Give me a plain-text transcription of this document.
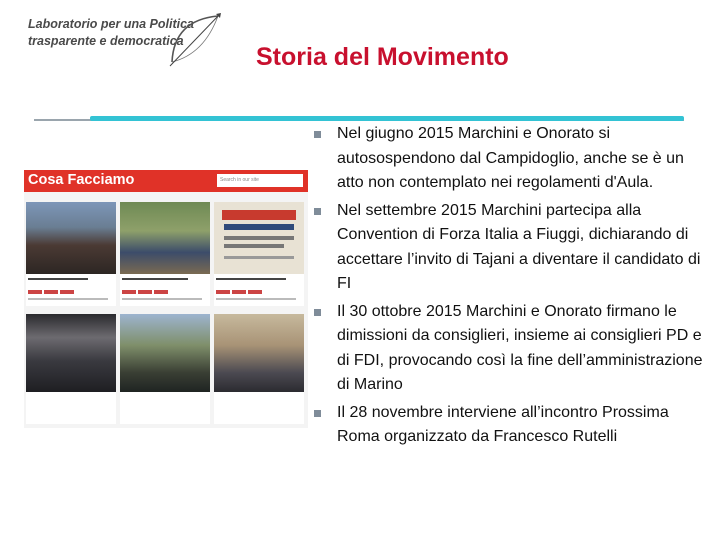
Laboratorio per una Politica
trasparente e democratica
Storia del Movimento
Cosa Facciamo	Search in our site
Nel giugno 2015 Marchini e Onorato si autosospendono dal Campidoglio, anche se è un atto non contemplato nei regolamenti d'Aula.
Nel settembre 2015 Marchini partecipa alla Convention di Forza Italia a Fiuggi, dichiarando di accettare l’invito di Tajani a diventare il candidato di FI
Il 30 ottobre 2015 Marchini e Onorato firmano le dimissioni da consiglieri, insieme ai consiglieri PD e di FDI, provocando così la fine dell’amministrazione di Marino
Il 28 novembre interviene all’incontro Prossima Roma organizzato da Francesco Rutelli
